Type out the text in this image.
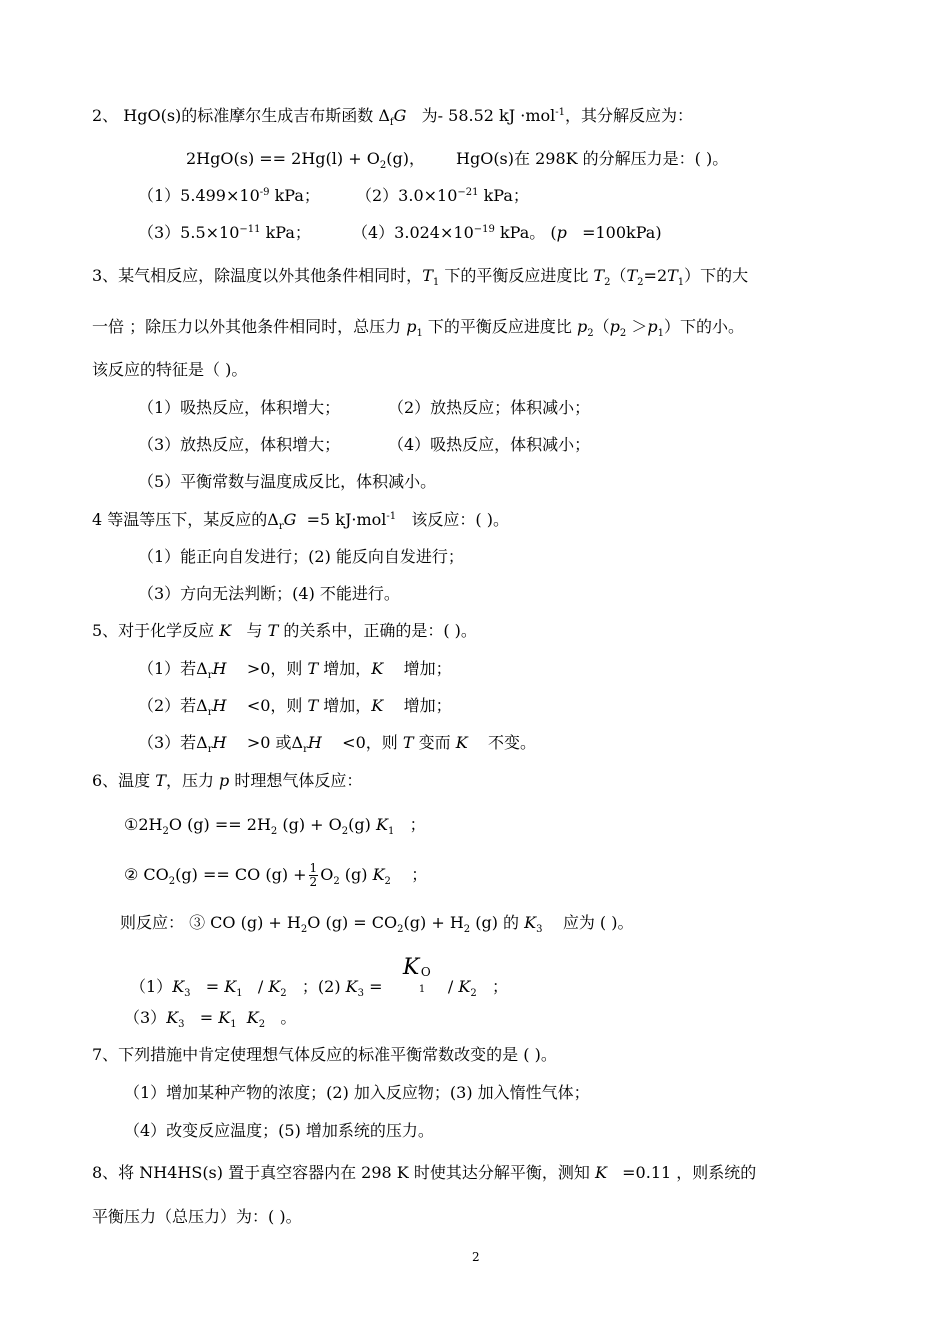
2、 HgO(s)的标准摩尔生成吉布斯函数 $\Delta_fG$ 为- 58.52 kJ ·mol$^{-1}$，其分解反应为：
$2HgO(s) == 2Hg(l) + O_2(g)$， HgO(s)在 298K 的分解压力是：( )。
$(1)5.499\times 10^{-9}$ kPa； $(2)3.0\times 10^{-21}$ kPa；
$(3)5.5\times 10^{-11}$ kPa；	$(4)3.024\times 10^{-19}$ kPa。 (p =100kPa)
3、某气相反应，除温度以外其他条件相同时，$T_1$ 下的平衡反应进度比 $T_2(T_2=2T_1)$下的大
一倍 ；除压力以外其他条件相同时，总压力 $p_1$ 下的平衡反应进度比 $p_2(p_2 >p_1)$下的小。
该反应的特征是（ )。
（1）吸热反应，体积增大；	（2）放热反应；体积减小；
（3）放热反应，体积增大；	（4）吸热反应，体积减小；
（5）平衡常数与温度成反比，体积减小。
4 等温等压下，某反应的$\Delta_rG =5$ kJ·mol$^{-1}$   该反应：( )。
（1）能正向自发进行；(2) 能反向自发进行；
（3）方向无法判断；(4) 不能进行。
5、对于化学反应 K   与 T 的关系中，正确的是：( )。
（1）若$\Delta_rH$    >0，则 T 增加，K    增加；
（2）若$\Delta_rH$    <0，则 T 增加，K    增加；
（3）若$\Delta_rH$    >0 或$\Delta_rH$    <0，则 T 变而 K    不变。
6、温度 T，压力 p 时理想气体反应：
$①2H_2O$ $(g) == 2H_2$ $(g) + O_2(g)$ $K_1$   ；
② $CO_2(g)$ == CO $(g) + \frac{1}{2} O_2$ (g) $K_2$    ；
则反应： ③ CO $(g) + H_2O$ $(g) = CO_2(g) + H_2$ (g) 的 $K_3$    应为 ( )。
$(1)K_3 = K_1 / K_2$   ；(2) $K_3$ =
K O
$1 / K_2$   ；
$(3)K_3 = K_1$ $K_2$   。
7、下列措施中肯定使理想气体反应的标准平衡常数改变的是 ( )。
（1）增加某种产物的浓度；(2) 加入反应物；(3) 加入惰性气体；
（4）改变反应温度；(5) 增加系统的压力。
8、将 NH4HS(s) 置于真空容器内在 298 K 时使其达分解平衡，测知 K   =0.11 ，则系统的
平衡压力（总压力）为：( )。
2
